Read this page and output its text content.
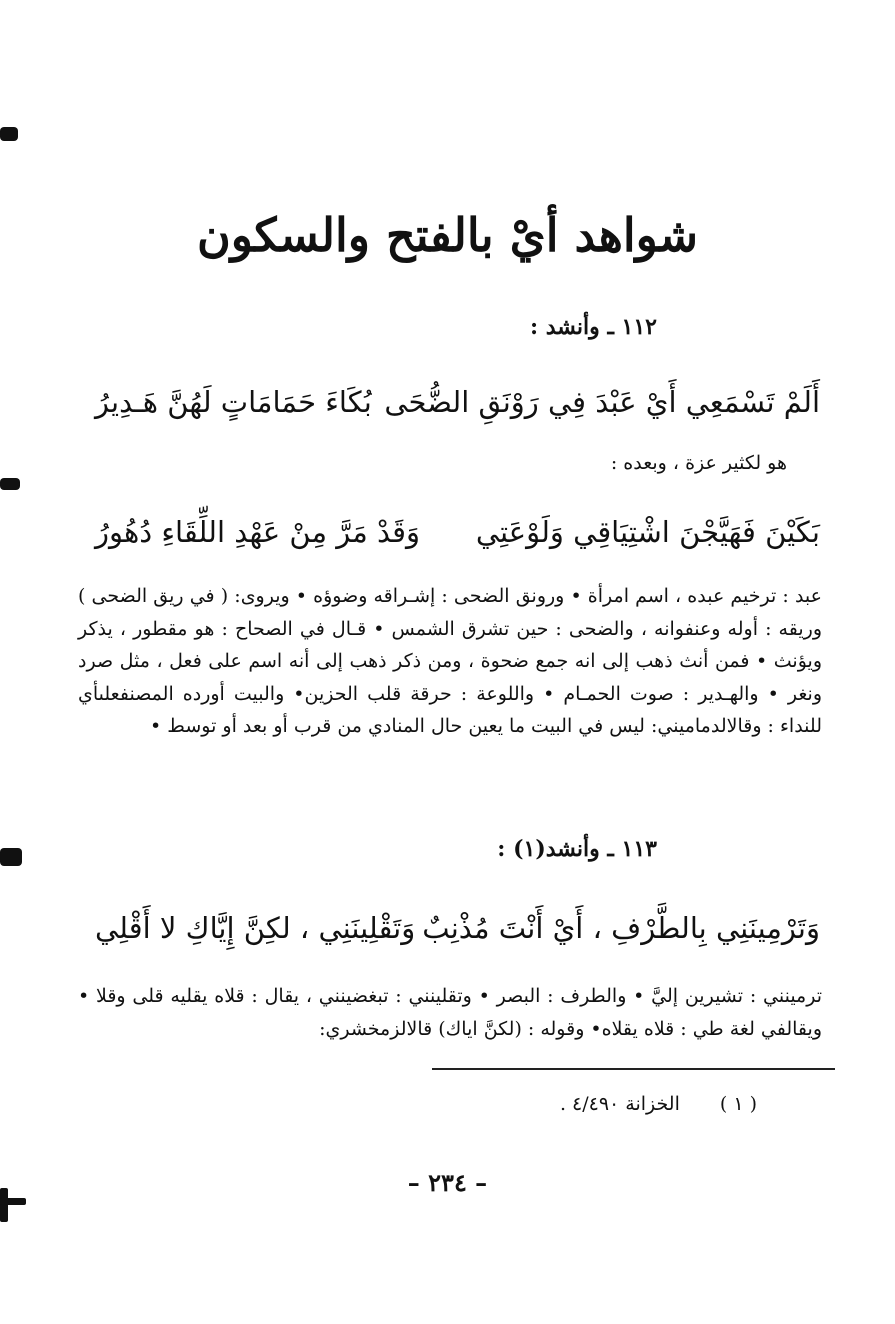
شواهد أيْ بالفتح والسكون
١١٢ ـ وأنشد :
أَلَمْ تَسْمَعِي أَيْ عَبْدَ فِي رَوْنَقِ الضُّحَى
بُكَاءَ حَمَامَاتٍ لَهُنَّ هَـدِيرُ
هو لكثير عزة ، وبعده :
بَكَيْنَ فَهَيَّجْنَ اشْتِيَاقِي وَلَوْعَتِي
وَقَدْ مَرَّ مِنْ عَهْدِ اللِّقَاءِ دُهُورُ
عبد : ترخيم عبده ، اسم امرأة • ورونق الضحى : إشـراقه وضوؤه • ويروى: ( في ريق الضحى ) وريقه : أوله وعنفوانه ، والضحى : حين تشرق الشمس • قـال في الصحاح : هو مقطور ، يذكر ويؤنث • فمن أنث ذهب إلى انه جمع ضحوة ، ومن ذكر ذهب إلى أنه اسم على فعل ، مثل صرد ونغر • والهـدير : صوت الحمـام • واللوعة : حرقة قلب الحزين• والبيت أورده المصنفعلىأي للنداء : وقالالدماميني: ليس في البيت ما يعين حال المنادي من قرب أو بعد أو توسط •
١١٣ ـ وأنشد(١) :
وَتَرْمِينَنِي بِالطَّرْفِ ، أَيْ أَنْتَ مُذْنِبٌ
وَتَقْلِينَنِي ، لكِنَّ إِيَّاكِ لا أَقْلِي
ترمينني : تشيرين إليَّ • والطرف : البصر • وتقلينني : تبغضينني ، يقال : قلاه يقليه قلى وقلا • ويقالفي لغة طي : قلاه يقلاه• وقوله : (لكنَّ اياك) قالالزمخشري:
( ١ )الخزانة ٤/٤٩٠ .
– ٢٣٤ –
